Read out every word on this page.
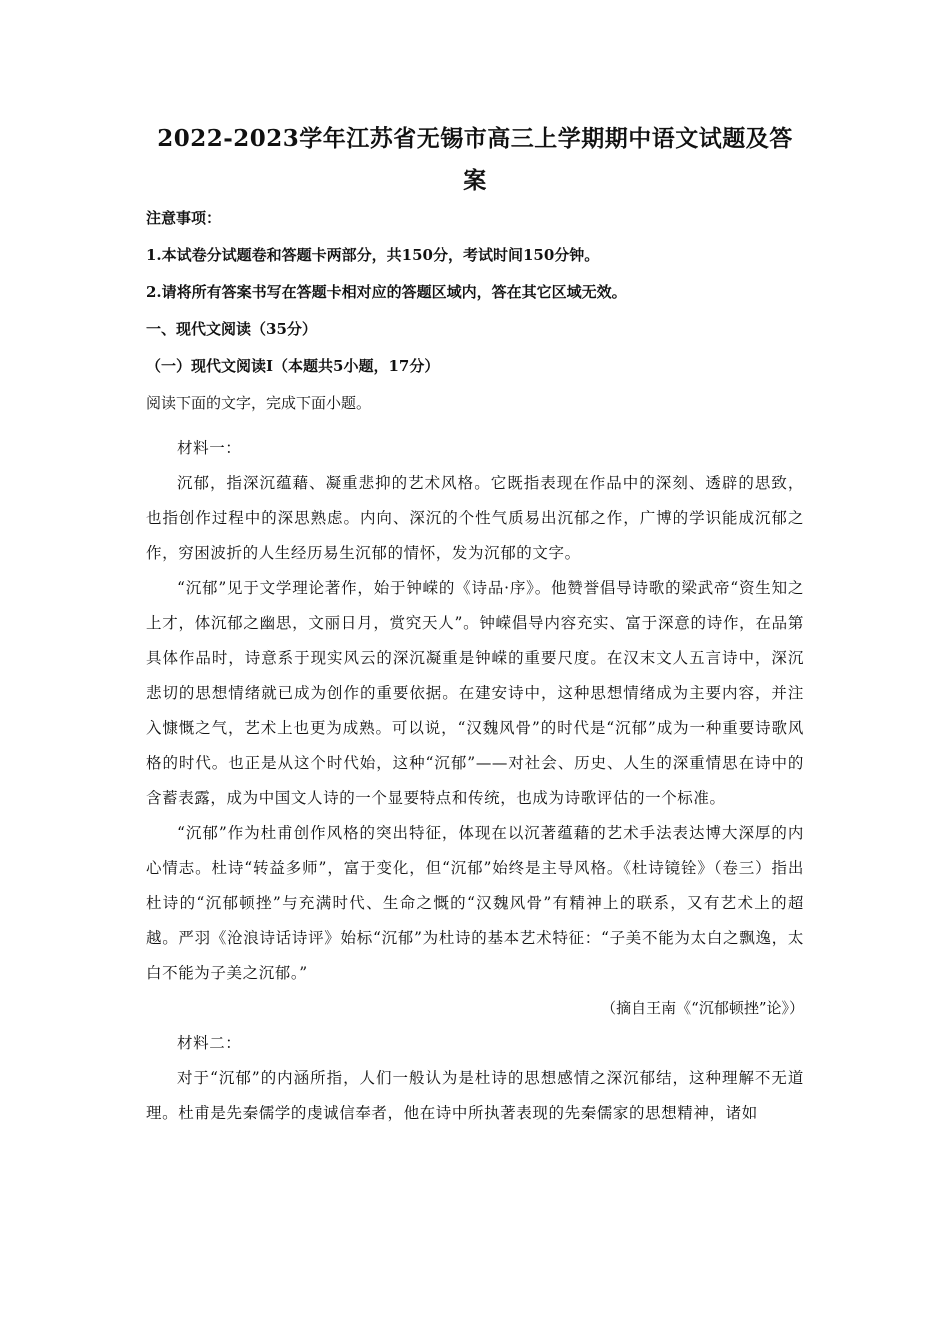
2022-2023学年江苏省无锡市高三上学期期中语文试题及答案

注意事项：

1.本试卷分试题卷和答题卡两部分，共150分，考试时间150分钟。

2.请将所有答案书写在答题卡相对应的答题区域内，答在其它区域无效。

一、现代文阅读（35分）

（一）现代文阅读I（本题共5小题，17分）

阅读下面的文字，完成下面小题。

材料一：

沉郁，指深沉蕴藉、凝重悲抑的艺术风格。它既指表现在作品中的深刻、透辟的思致，也指创作过程中的深思熟虑。内向、深沉的个性气质易出沉郁之作，广博的学识能成沉郁之作，穷困波折的人生经历易生沉郁的情怀，发为沉郁的文字。

“沉郁”见于文学理论著作，始于钟嵘的《诗品·序》。他赞誉倡导诗歌的梁武帝“资生知之上才，体沉郁之幽思，文丽日月，赏究天人”。钟嵘倡导内容充实、富于深意的诗作，在品第具体作品时，诗意系于现实风云的深沉凝重是钟嵘的重要尺度。在汉末文人五言诗中，深沉悲切的思想情绪就已成为创作的重要依据。在建安诗中，这种思想情绪成为主要内容，并注入慷慨之气，艺术上也更为成熟。可以说，“汉魏风骨”的时代是“沉郁”成为一种重要诗歌风格的时代。也正是从这个时代始，这种“沉郁”——对社会、历史、人生的深重情思在诗中的含蓄表露，成为中国文人诗的一个显要特点和传统，也成为诗歌评估的一个标准。

“沉郁”作为杜甫创作风格的突出特征，体现在以沉著蕴藉的艺术手法表达博大深厚的内心情志。杜诗“转益多师”，富于变化，但“沉郁”始终是主导风格。《杜诗镜铨》（卷三）指出杜诗的“沉郁顿挫”与充满时代、生命之慨的“汉魏风骨”有精神上的联系，又有艺术上的超越。严羽《沧浪诗话诗评》始标“沉郁”为杜诗的基本艺术特征：“子美不能为太白之飘逸，太白不能为子美之沉郁。”

（摘自王南《“沉郁顿挫”论》）

材料二：

对于“沉郁”的内涵所指，人们一般认为是杜诗的思想感情之深沉郁结，这种理解不无道理。杜甫是先秦儒学的虔诚信奉者，他在诗中所执著表现的先秦儒家的思想精神，诸如
